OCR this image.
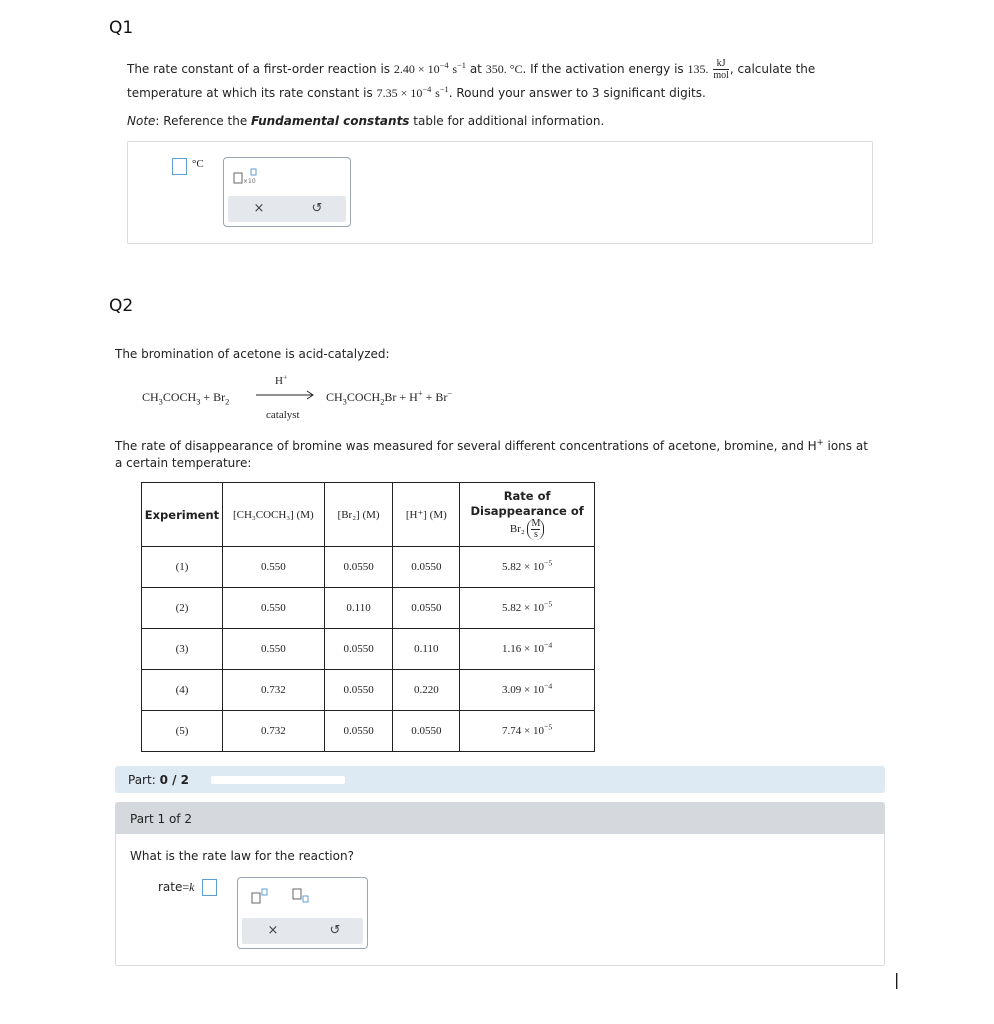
Q1
The rate constant of a first-order reaction is $2.40 \times 10^{-4}$ $s^{-1}$ at 350. °C. If the activation energy is 135. kJ
mol , calculate the
temperature at which its rate constant is $7.35 \times 10^{-4}$ $s^{-1}$. Round your answer to 3 significant digits.
Note: Reference the Fundamental constants table for additional information.
°C
×10
×	↺
Q2
The bromination of acetone is acid-catalyzed:
$CH_3COCH_3 + Br_2$
H+
catalyst
$CH_3COCH_2Br + H^+ + Br^-$
The rate of disappearance of bromine was measured for several different concentrations of acetone, bromine, and H+ ions at
a certain temperature:
Experiment	[CH₃COCH₃] (M)	[Br₂] (M)	[H⁺] (M)	Rate of
Disappearance of
$Br_2 \frac{M}{s}$

(1)	0.550	0.0550	0.0550	$5.82 \times 10^{-5}$
(2)	0.550	0.110	0.0550	$5.82 \times 10^{-5}$
(3)	0.550	0.0550	0.110	$1.16 \times 10^{-4}$
(4)	0.732	0.0550	0.220	$3.09 \times 10^{-4}$
(5)	0.732	0.0550	0.0550	$7.74 \times 10^{-5}$
Part: 0 / 2
Part 1 of 2
What is the rate law for the reaction?
rate=k
×	↺
|
